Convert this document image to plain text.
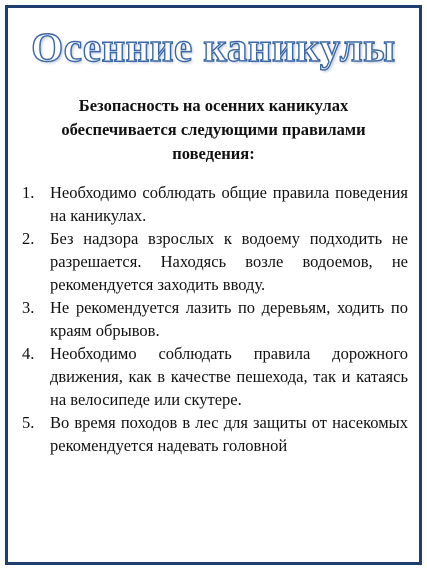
Осенние каникулы
Безопасность на осенних каникулах обеспечивается следующими правилами поведения:
1. Необходимо соблюдать общие правила поведения на каникулах.
2. Без надзора взрослых к водоему подходить не разрешается. Находясь возле водоемов, не рекомендуется заходить вводу.
3. Не рекомендуется лазить по деревьям, ходить по краям обрывов.
4. Необходимо соблюдать правила дорожного движения, как в качестве пешехода, так и катаясь на велосипеде или скутере.
5. Во время походов в лес для защиты от насекомых рекомендуется надевать головной
